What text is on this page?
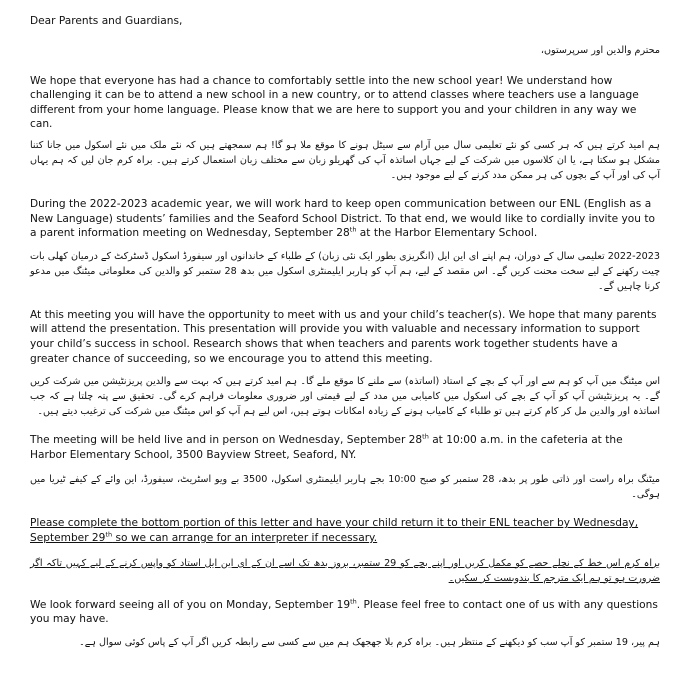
Dear Parents and Guardians,

محترم والدین اور سرپرستوں،

We hope that everyone has had a chance to comfortably settle into the new school year! We understand how challenging it can be to attend a new school in a new country, or to attend classes where teachers use a language different from your home language. Please know that we are here to support you and your children in any way we can.

ہم امید کرتے ہیں کہ ہر کسی کو نئے تعلیمی سال میں آرام سے سیٹل ہونے کا موقع ملا ہو گا! ہم سمجھتے ہیں کہ نئے ملک میں نئے اسکول میں جانا کتنا مشکل ہو سکتا ہے، یا ان کلاسوں میں شرکت کے لیے جہاں اساتذہ آپ کی گھریلو زبان سے مختلف زبان استعمال کرتے ہیں۔ براہ کرم جان لیں کہ ہم یہاں آپ کی اور آپ کے بچوں کی ہر ممکن مدد کرنے کے لیے موجود ہیں۔

During the 2022-2023 academic year, we will work hard to keep open communication between our ENL (English as a New Language) students’ families and the Seaford School District. To that end, we would like to cordially invite you to a parent information meeting on Wednesday, September 28th at the Harbor Elementary School.

2022-2023 تعلیمی سال کے دوران، ہم اپنے ای این ایل (انگریزی بطور ایک نئی زبان) کے طلباء کے خاندانوں اور سیفورڈ اسکول ڈسٹرکٹ کے درمیان کھلی بات چیت رکھنے کے لیے سخت محنت کریں گے۔ اس مقصد کے لیے، ہم آپ کو ہاربر ایلیمنٹری اسکول میں بدھ 28 ستمبر کو والدین کی معلوماتی میٹنگ میں مدعو کرنا چاہیں گے۔

At this meeting you will have the opportunity to meet with us and your child’s teacher(s). We hope that many parents will attend the presentation. This presentation will provide you with valuable and necessary information to support your child’s success in school. Research shows that when teachers and parents work together students have a greater chance of succeeding, so we encourage you to attend this meeting.

اس میٹنگ میں آپ کو ہم سے اور آپ کے بچے کے استاد (اساتذہ) سے ملنے کا موقع ملے گا۔ ہم امید کرتے ہیں کہ بہت سے والدین پریزنٹیشن میں شرکت کریں گے۔ یہ پریزنٹیشن آپ کو آپ کے بچے کی اسکول میں کامیابی میں مدد کے لیے قیمتی اور ضروری معلومات فراہم کرے گی۔ تحقیق سے پتہ چلتا ہے کہ جب اساتذہ اور والدین مل کر کام کرتے ہیں تو طلباء کے کامیاب ہونے کے زیادہ امکانات ہوتے ہیں، اس لیے ہم آپ کو اس میٹنگ میں شرکت کی ترغیب دیتے ہیں۔

The meeting will be held live and in person on Wednesday, September 28th at 10:00 a.m. in the cafeteria at the Harbor Elementary School, 3500 Bayview Street, Seaford, NY.

میٹنگ براہ راست اور ذاتی طور پر بدھ، 28 ستمبر کو صبح 10:00 بجے ہاربر ایلیمنٹری اسکول، 3500 بے ویو اسٹریٹ، سیفورڈ، این وائے کے کیفے ٹیریا میں ہوگی۔

Please complete the bottom portion of this letter and have your child return it to their ENL teacher by Wednesday, September 29th so we can arrange for an interpreter if necessary.

براہ کرم اس خط کے نچلے حصے کو مکمل کریں اور اپنے بچے کو 29 ستمبر، بروز بدھ تک اسے ان کے ای این ایل استاد کو واپس کرنے کے لیے کہیں تاکہ اگر ضرورت ہو تو ہم ایک مترجم کا بندوبست کر سکیں۔

We look forward seeing all of you on Monday, September 19th. Please feel free to contact one of us with any questions you may have.

ہم پیر، 19 ستمبر کو آپ سب کو دیکھنے کے منتظر ہیں۔ براہ کرم بلا جھجھک ہم میں سے کسی سے رابطہ کریں اگر آپ کے پاس کوئی سوال ہے۔
